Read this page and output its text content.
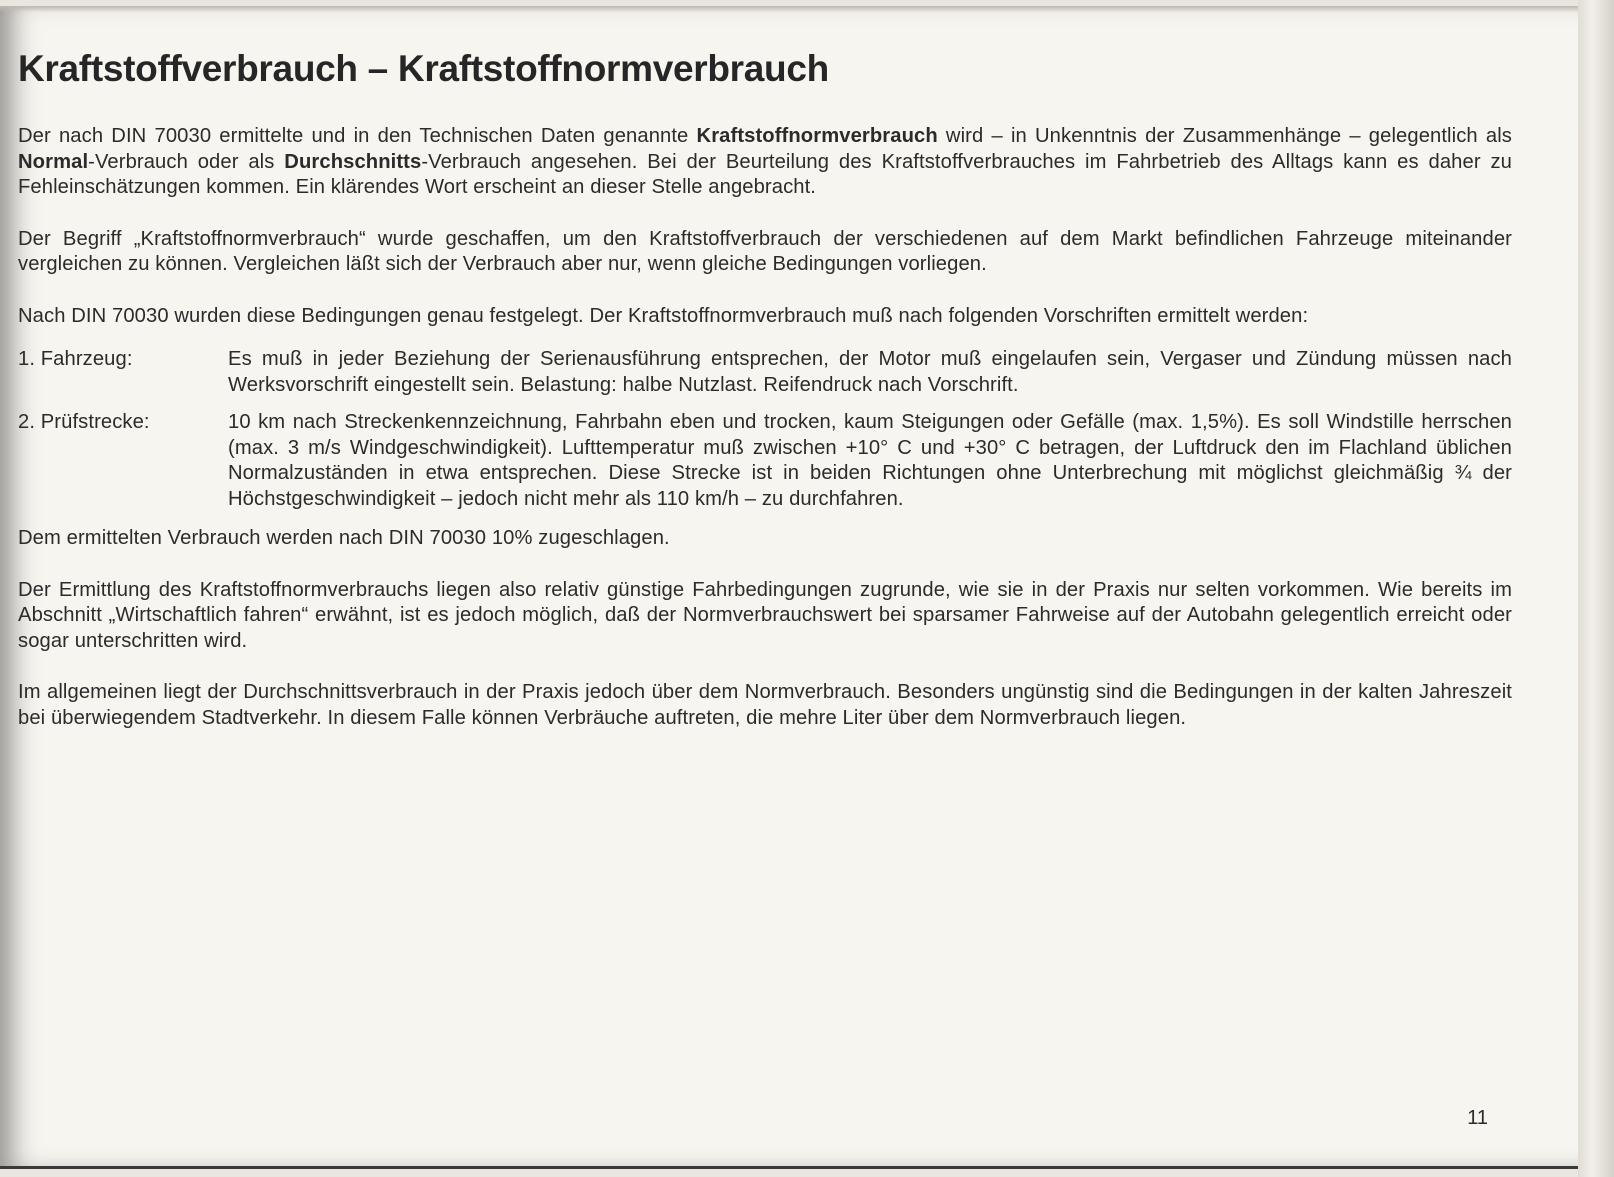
Kraftstoffverbrauch – Kraftstoffnormverbrauch

Der nach DIN 70030 ermittelte und in den Technischen Daten genannte Kraftstoffnormverbrauch wird – in Unkenntnis der Zusammenhänge – gelegentlich als Normal-Verbrauch oder als Durchschnitts-Verbrauch angesehen. Bei der Beurteilung des Kraftstoffverbrauches im Fahrbetrieb des Alltags kann es daher zu Fehleinschätzungen kommen. Ein klärendes Wort erscheint an dieser Stelle angebracht.

Der Begriff „Kraftstoffnormverbrauch“ wurde geschaffen, um den Kraftstoffverbrauch der verschiedenen auf dem Markt befindlichen Fahrzeuge miteinander vergleichen zu können. Vergleichen läßt sich der Verbrauch aber nur, wenn gleiche Bedingungen vorliegen.

Nach DIN 70030 wurden diese Bedingungen genau festgelegt. Der Kraftstoffnormverbrauch muß nach folgenden Vorschriften ermittelt werden:

1. Fahrzeug:	Es muß in jeder Beziehung der Serienausführung entsprechen, der Motor muß eingelaufen sein, Vergaser und Zündung müssen nach Werksvorschrift eingestellt sein. Belastung: halbe Nutzlast. Reifendruck nach Vorschrift.
2. Prüfstrecke:	10 km nach Streckenkennzeichnung, Fahrbahn eben und trocken, kaum Steigungen oder Gefälle (max. 1,5%). Es soll Windstille herrschen (max. 3 m/s Windgeschwindigkeit). Lufttemperatur muß zwischen +10° C und +30° C betragen, der Luftdruck den im Flachland üblichen Normalzuständen in etwa entsprechen. Diese Strecke ist in beiden Richtungen ohne Unterbrechung mit möglichst gleichmäßig ¾ der Höchstgeschwindigkeit – jedoch nicht mehr als 110 km/h – zu durchfahren.

Dem ermittelten Verbrauch werden nach DIN 70030 10% zugeschlagen.

Der Ermittlung des Kraftstoffnormverbrauchs liegen also relativ günstige Fahrbedingungen zugrunde, wie sie in der Praxis nur selten vorkommen. Wie bereits im Abschnitt „Wirtschaftlich fahren“ erwähnt, ist es jedoch möglich, daß der Normverbrauchswert bei sparsamer Fahrweise auf der Autobahn gelegentlich erreicht oder sogar unterschritten wird.

Im allgemeinen liegt der Durchschnittsverbrauch in der Praxis jedoch über dem Normverbrauch. Besonders ungünstig sind die Bedingungen in der kalten Jahreszeit bei überwiegendem Stadtverkehr. In diesem Falle können Verbräuche auftreten, die mehre Liter über dem Normverbrauch liegen.

11
